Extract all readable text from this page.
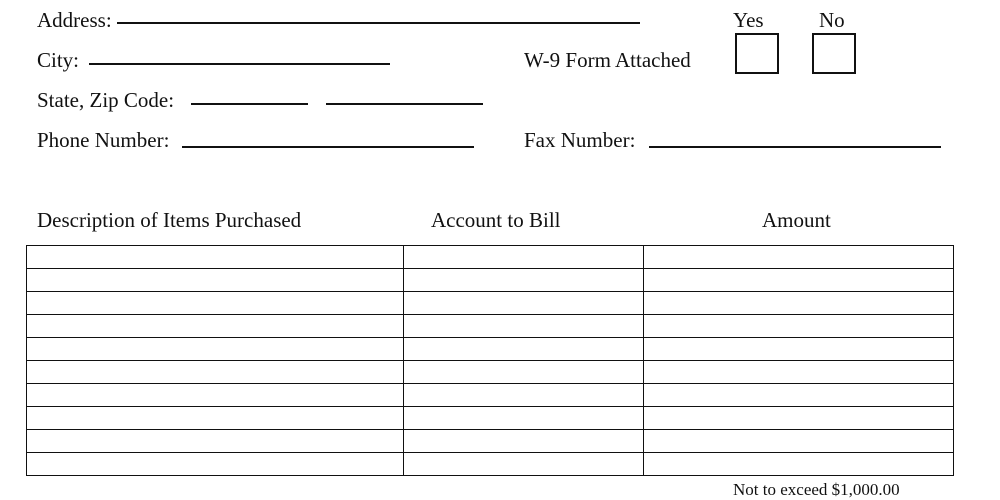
Address:	Yes	No
City:	W-9 Form Attached
State, Zip Code:
Phone Number:	Fax Number:
Description of Items Purchased	Account to Bill	Amount

Not to exceed $1,000.00
